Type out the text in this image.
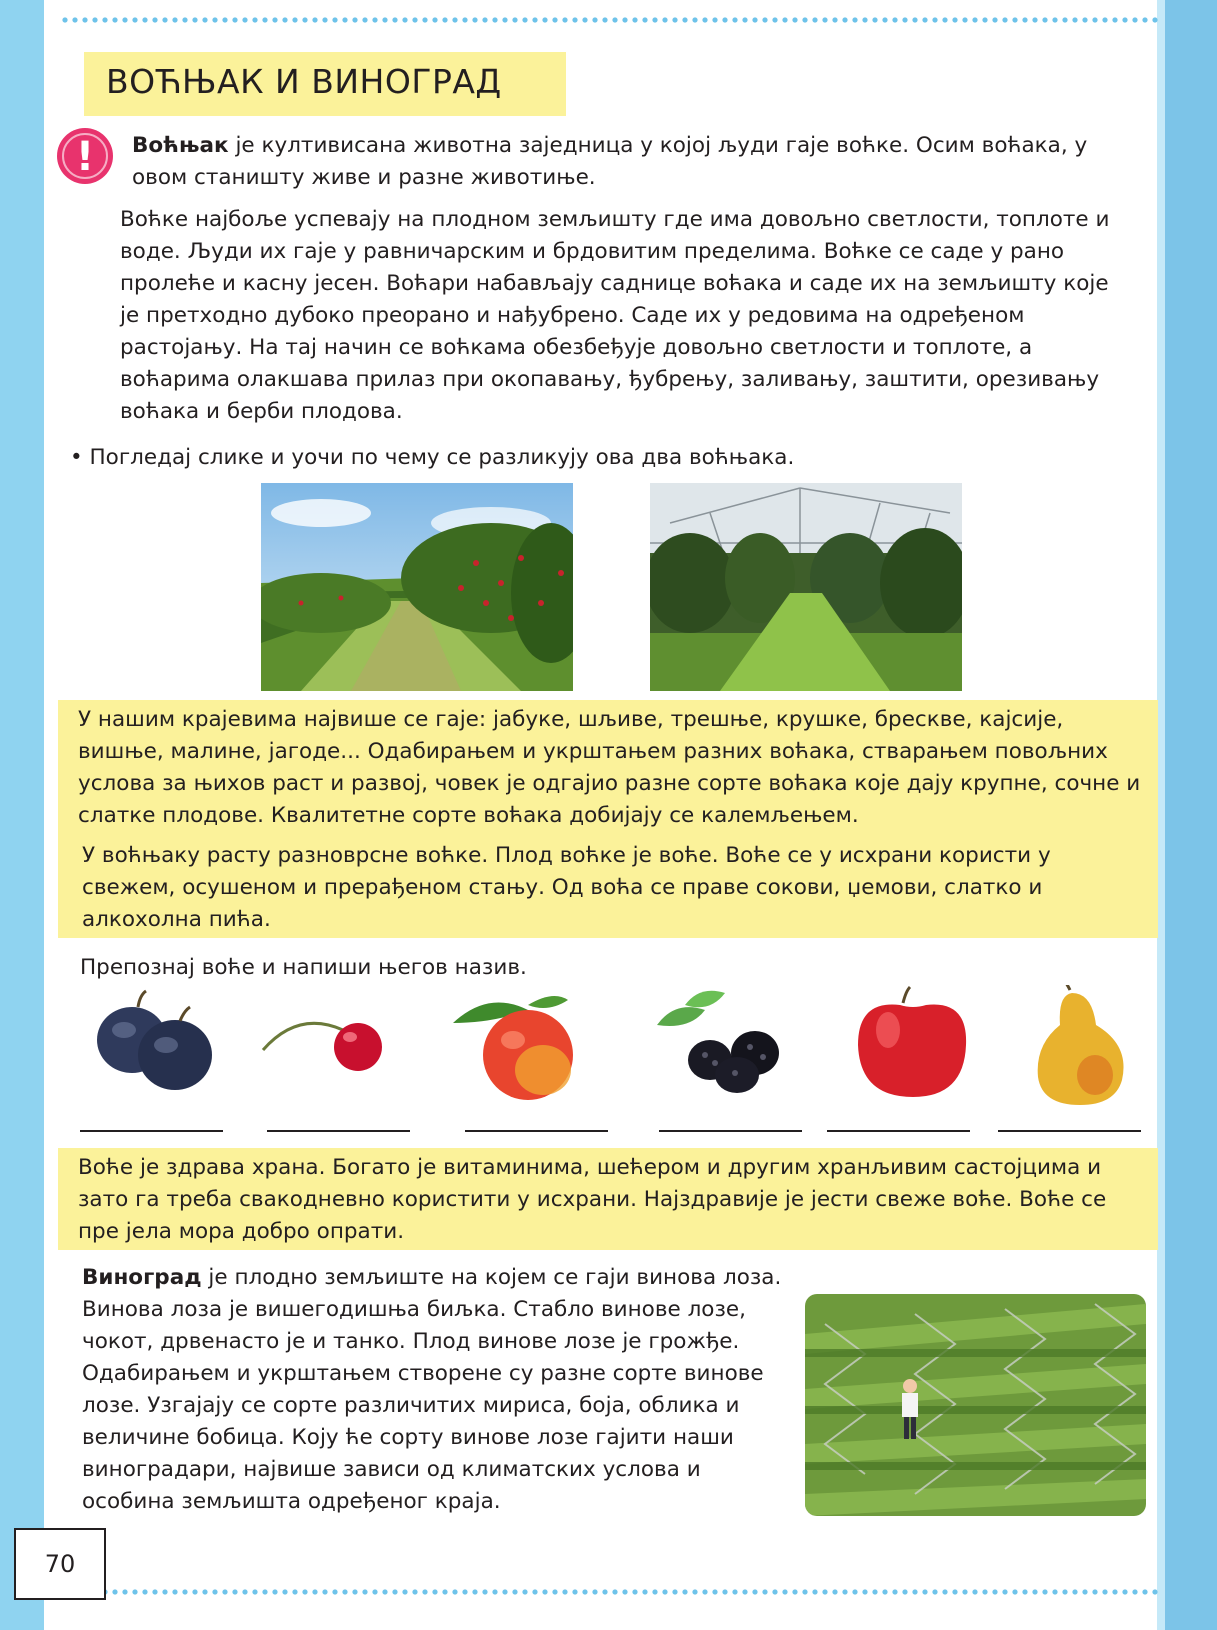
ВОЋЊАК И ВИНОГРАД
! Воћњак је култивисана животна заједница у којој људи гаје воћке. Осим воћака, у овом станишту живе и разне животиње.

Воћке најбоље успевају на плодном земљишту где има довољно светлости, топлоте и воде. Људи их гаје у равничарским и брдовитим пределима. Воћке се саде у рано пролеће и касну јесен. Воћари набављају саднице воћака и саде их на земљишту које је претходно дубоко преорано и нађубрено. Саде их у редовима на одређеном растојању. На тај начин се воћкама обезбеђује довољно светлости и топлоте, а воћарима олакшава прилаз при окопавању, ђубрењу, заливању, заштити, орезивању воћака и берби плодова.

• Погледај слике и уочи по чему се разликују ова два воћњака.

У нашим крајевима највише се гаје: јабуке, шљиве, трешње, крушке, брескве, кајсије, вишње, малине, јагоде... Одабирањем и укрштањем разних воћака, стварањем повољних услова за њихов раст и развој, човек је одгајио разне сорте воћака које дају крупне, сочне и слатке плодове. Квалитетне сорте воћака добијају се калемљењем.

У воћњаку расту разноврсне воћке. Плод воћке је воће. Воће се у исхрани користи у свежем, осушеном и прерађеном стању. Од воћа се праве сокови, џемови, слатко и алкохолна пића.

Препознај воће и напиши његов назив.

Воће је здрава храна. Богато је витаминима, шећером и другим хранљивим састојцима и зато га треба свакодневно користити у исхрани. Најздравије је јести свеже воће. Воће се пре јела мора добро опрати.

Виноград је плодно земљиште на којем се гаји винова лоза. Винова лоза је вишегодишња биљка. Стабло винове лозе, чокот, дрвенасто је и танко. Плод винове лозе је грожђе. Одабирањем и укрштањем створене су разне сорте винове лозе. Узгајају се сорте различитих мириса, боја, облика и величине бобица. Коју ће сорту винове лозе гајити наши виноградари, највише зависи од климатских услова и особина земљишта одређеног краја.

70
